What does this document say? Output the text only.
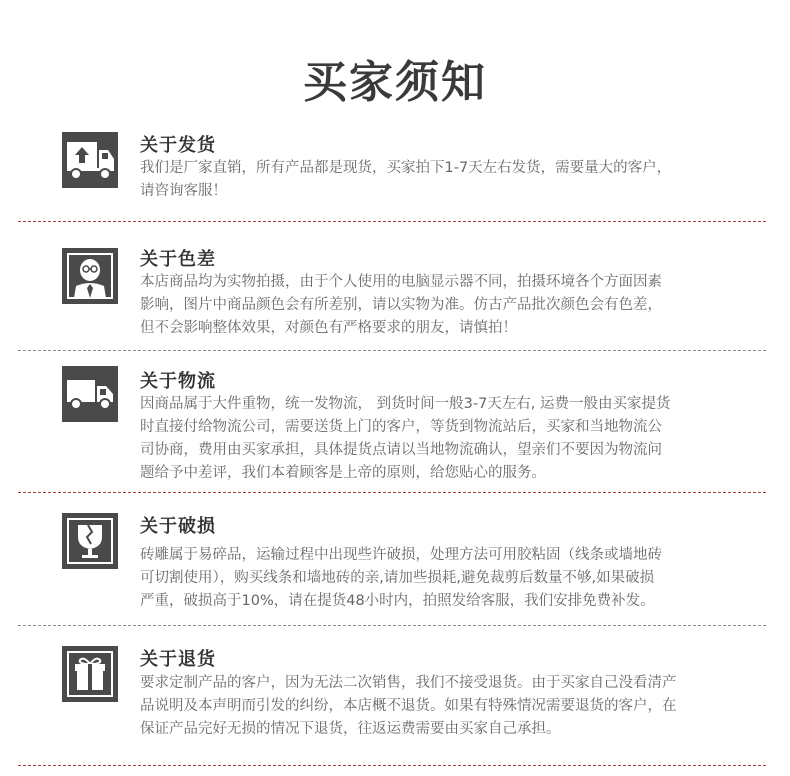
买家须知
关于发货
我们是厂家直销，所有产品都是现货，买家拍下1-7天左右发货，需要量大的客户，
请咨询客服！
关于色差
本店商品均为实物拍摄，由于个人使用的电脑显示器不同，拍摄环境各个方面因素
影响，图片中商品颜色会有所差别，请以实物为准。仿古产品批次颜色会有色差，
但不会影响整体效果，对颜色有严格要求的朋友，请慎拍！
关于物流
因商品属于大件重物，统一发物流， 到货时间一般3-7天左右, 运费一般由买家提货
时直接付给物流公司，需要送货上门的客户，等货到物流站后，买家和当地物流公
司协商，费用由买家承担，具体提货点请以当地物流确认，望亲们不要因为物流问
题给予中差评，我们本着顾客是上帝的原则，给您贴心的服务。
关于破损
砖雕属于易碎品，运输过程中出现些许破损，处理方法可用胶粘固（线条或墙地砖
可切割使用），购买线条和墙地砖的亲,请加些损耗,避免裁剪后数量不够,如果破损
严重，破损高于10%，请在提货48小时内，拍照发给客服，我们安排免费补发。
关于退货
要求定制产品的客户，因为无法二次销售，我们不接受退货。由于买家自己没看清产
品说明及本声明而引发的纠纷，本店概不退货。如果有特殊情况需要退货的客户，在
保证产品完好无损的情况下退货，往返运费需要由买家自己承担。
